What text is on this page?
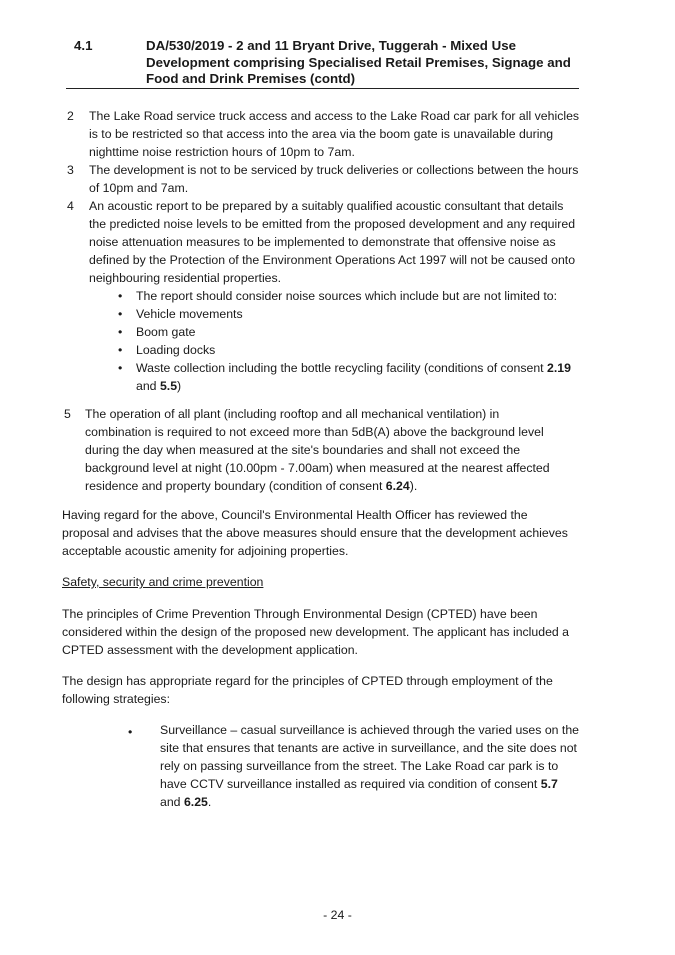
4.1	DA/530/2019 - 2 and 11 Bryant Drive, Tuggerah - Mixed Use Development comprising Specialised Retail Premises, Signage and Food and Drink Premises (contd)
2	The Lake Road service truck access and access to the Lake Road car park for all vehicles is to be restricted so that access into the area via the boom gate is unavailable during nighttime noise restriction hours of 10pm to 7am.
3	The development is not to be serviced by truck deliveries or collections between the hours of 10pm and 7am.
4	An acoustic report to be prepared by a suitably qualified acoustic consultant that details the predicted noise levels to be emitted from the proposed development and any required noise attenuation measures to be implemented to demonstrate that offensive noise as defined by the Protection of the Environment Operations Act 1997 will not be caused onto neighbouring residential properties.
• The report should consider noise sources which include but are not limited to:
• Vehicle movements
• Boom gate
• Loading docks
• Waste collection including the bottle recycling facility (conditions of consent 2.19 and 5.5)
5	The operation of all plant (including rooftop and all mechanical ventilation) in combination is required to not exceed more than 5dB(A) above the background level during the day when measured at the site's boundaries and shall not exceed the background level at night (10.00pm - 7.00am) when measured at the nearest affected residence and property boundary (condition of consent 6.24).
Having regard for the above, Council's Environmental Health Officer has reviewed the proposal and advises that the above measures should ensure that the development achieves acceptable acoustic amenity for adjoining properties.
Safety, security and crime prevention
The principles of Crime Prevention Through Environmental Design (CPTED) have been considered within the design of the proposed new development. The applicant has included a CPTED assessment with the development application.
The design has appropriate regard for the principles of CPTED through employment of the following strategies:
• Surveillance – casual surveillance is achieved through the varied uses on the site that ensures that tenants are active in surveillance, and the site does not rely on passing surveillance from the street. The Lake Road car park is to have CCTV surveillance installed as required via condition of consent 5.7 and 6.25.
- 24 -
